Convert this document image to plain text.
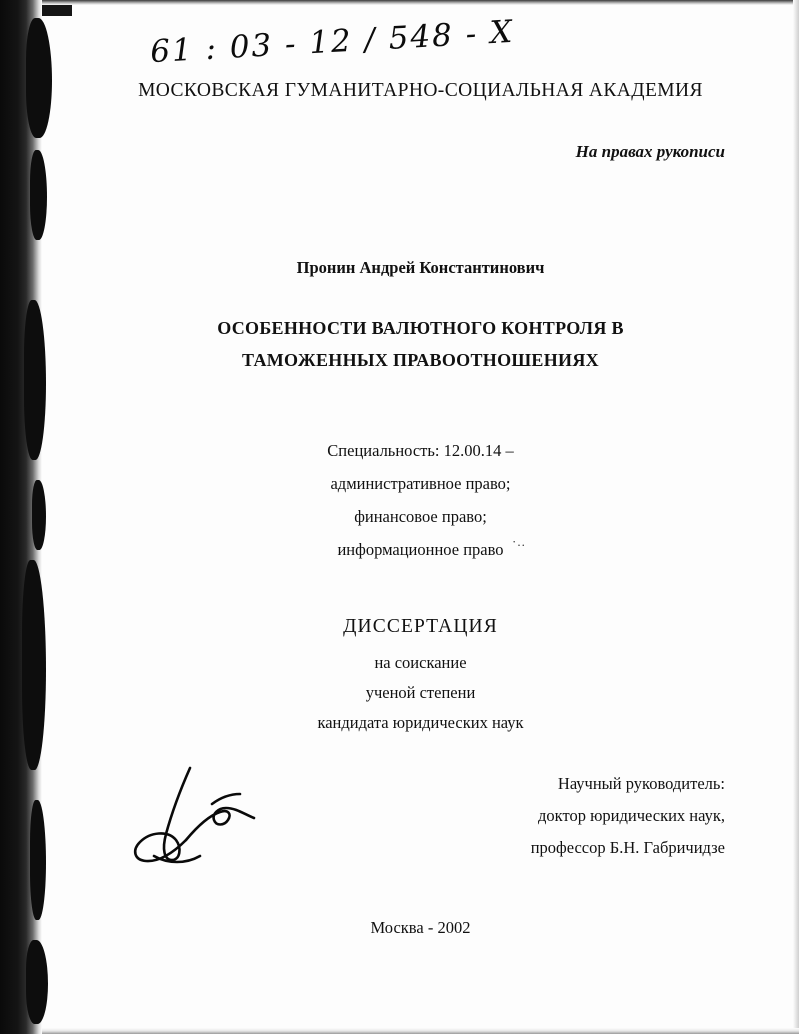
61 : 03 - 12 / 548 - X
МОСКОВСКАЯ ГУМАНИТАРНО-СОЦИАЛЬНАЯ АКАДЕМИЯ
На правах рукописи
Пронин Андрей Константинович
ОСОБЕННОСТИ ВАЛЮТНОГО КОНТРОЛЯ В
ТАМОЖЕННЫХ ПРАВООТНОШЕНИЯХ
Специальность: 12.00.14 –
административное право;
финансовое право;
информационное право ·..
ДИССЕРТАЦИЯ
на соискание
ученой степени
кандидата юридических наук
Научный руководитель:
доктор юридических наук,
профессор Б.Н. Габричидзе
Москва - 2002
